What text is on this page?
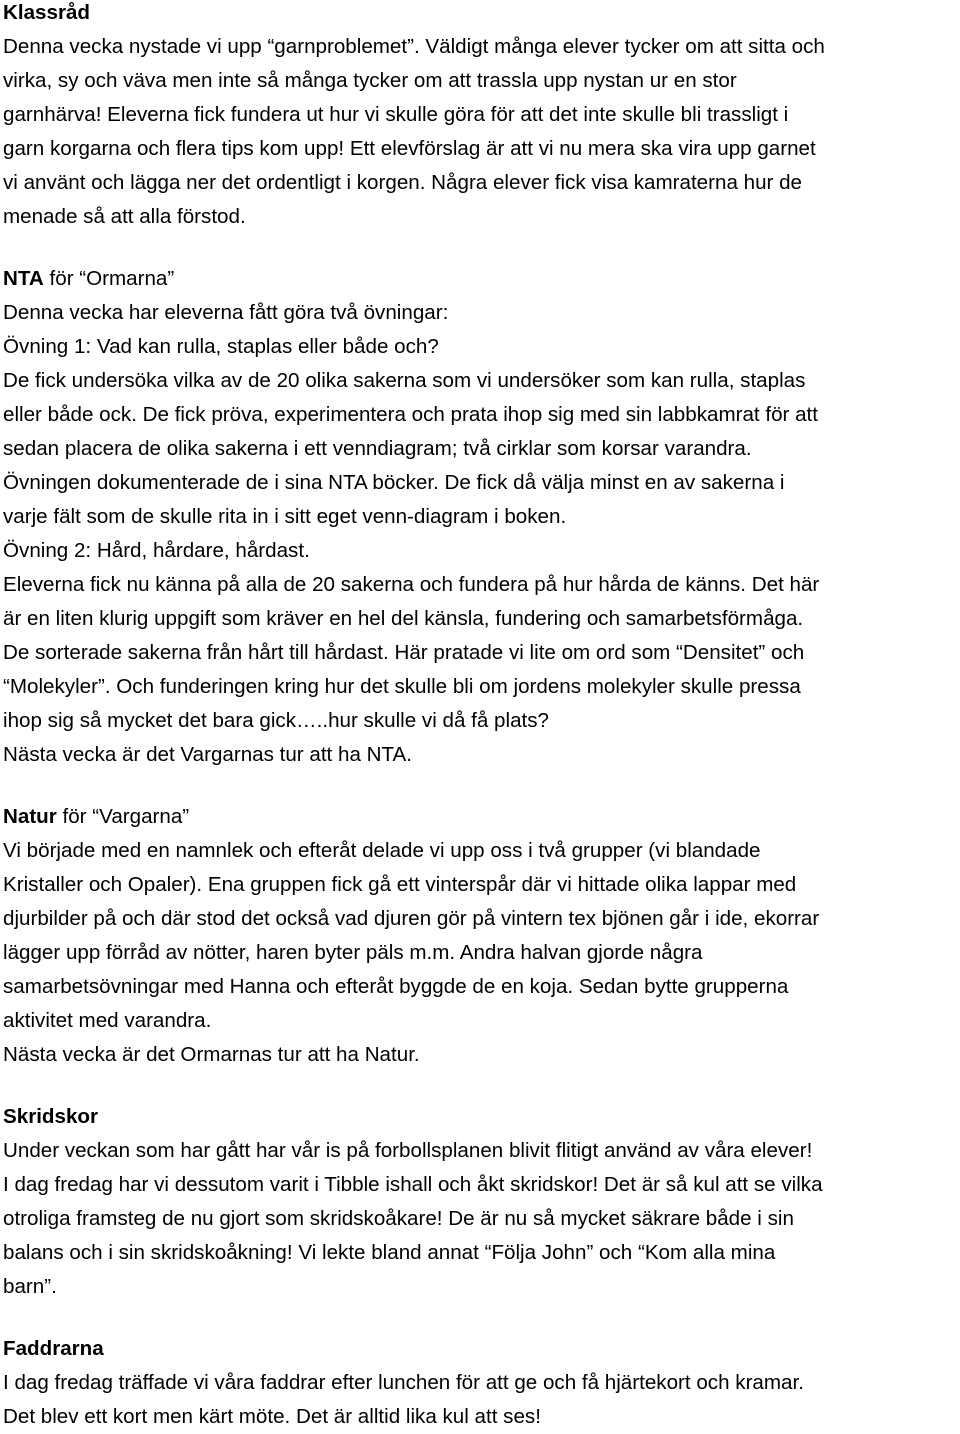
Klassråd
Denna vecka nystade vi upp “garnproblemet”. Väldigt många elever tycker om att sitta och
virka, sy och väva men inte så många tycker om att trassla upp nystan ur en stor
garnhärva! Eleverna fick fundera ut hur vi skulle göra för att det inte skulle bli trassligt i
garn korgarna och flera tips kom upp! Ett elevförslag är att vi nu mera ska vira upp garnet
vi använt och lägga ner det ordentligt i korgen. Några elever fick visa kamraterna hur de
menade så att alla förstod.
NTA för “Ormarna”
Denna vecka har eleverna fått göra två övningar:
Övning 1: Vad kan rulla, staplas eller både och?
De fick undersöka vilka av de 20 olika sakerna som vi undersöker som kan rulla, staplas
eller både ock. De fick pröva, experimentera och prata ihop sig med sin labbkamrat för att
sedan placera de olika sakerna i ett venndiagram; två cirklar som korsar varandra.
Övningen dokumenterade de i sina NTA böcker. De fick då välja minst en av sakerna i
varje fält som de skulle rita in i sitt eget venn-diagram i boken.
Övning 2: Hård, hårdare, hårdast.
Eleverna fick nu känna på alla de 20 sakerna och fundera på hur hårda de känns. Det här
är en liten klurig uppgift som kräver en hel del känsla, fundering och samarbetsförmåga.
De sorterade sakerna från hårt till hårdast. Här pratade vi lite om ord som “Densitet” och
“Molekyler”. Och funderingen kring hur det skulle bli om jordens molekyler skulle pressa
ihop sig så mycket det bara gick…..hur skulle vi då få plats?
Nästa vecka är det Vargarnas tur att ha NTA.
Natur för “Vargarna”
Vi började med en namnlek och efteråt delade vi upp oss i två grupper (vi blandade
Kristaller och Opaler). Ena gruppen fick gå ett vinterspår där vi hittade olika lappar med
djurbilder på och där stod det också vad djuren gör på vintern tex bjönen går i ide, ekorrar
lägger upp förråd av nötter, haren byter päls m.m. Andra halvan gjorde några
samarbetsövningar med Hanna och efteråt byggde de en koja. Sedan bytte grupperna
aktivitet med varandra.
Nästa vecka är det Ormarnas tur att ha Natur.
Skridskor
Under veckan som har gått har vår is på forbollsplanen blivit flitigt använd av våra elever!
I dag fredag har vi dessutom varit i Tibble ishall och åkt skridskor! Det är så kul att se vilka
otroliga framsteg de nu gjort som skridskoåkare! De är nu så mycket säkrare både i sin
balans och i sin skridskoåkning! Vi lekte bland annat “Följa John” och “Kom alla mina
barn”.
Faddrarna
I dag fredag träffade vi våra faddrar efter lunchen för att ge och få hjärtekort och kramar.
Det blev ett kort men kärt möte. Det är alltid lika kul att ses!
